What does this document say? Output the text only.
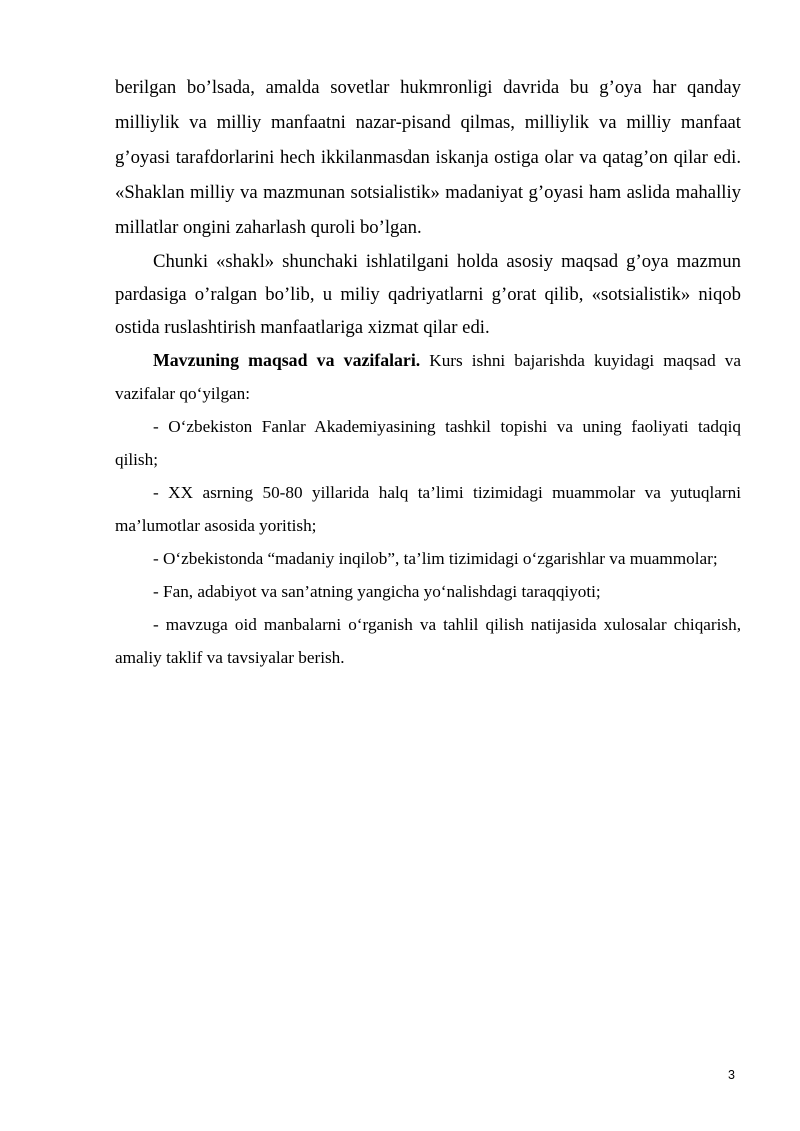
berilgan bo’lsada, amalda sovetlar hukmronligi davrida bu g’oya har qanday milliylik va milliy manfaatni nazar-pisand qilmas, milliylik va milliy manfaat g’oyasi tarafdorlarini hech ikkilanmasdan iskanja ostiga olar va qatag’on qilar edi. «Shaklan milliy va mazmunan sotsialistik» madaniyat g’oyasi ham aslida mahalliy millatlar ongini zaharlash quroli bo’lgan.

Chunki «shakl» shunchaki ishlatilgani holda asosiy maqsad g’oya mazmun pardasiga o’ralgan bo’lib, u miliy qadriyatlarni g’orat qilib, «sotsialistik» niqob ostida ruslashtirish manfaatlariga xizmat qilar edi.

Mavzuning maqsad va vazifalari. Kurs ishni bajarishda kuyidagi maqsad va vazifalar qo‘yilgan:

- O‘zbekiston Fanlar Akademiyasining tashkil topishi va uning faoliyati tadqiq qilish;

- XX asrning 50-80 yillarida halq ta’limi tizimidagi muammolar va yutuqlarni ma’lumotlar asosida yoritish;

- O‘zbekistonda “madaniy inqilob”, ta’lim tizimidagi o‘zgarishlar va muammolar;

- Fan, adabiyot va san’atning yangicha yo‘nalishdagi taraqqiyoti;

- mavzuga oid manbalarni o‘rganish va tahlil qilish natijasida xulosalar chiqarish, amaliy taklif va tavsiyalar berish.

3
